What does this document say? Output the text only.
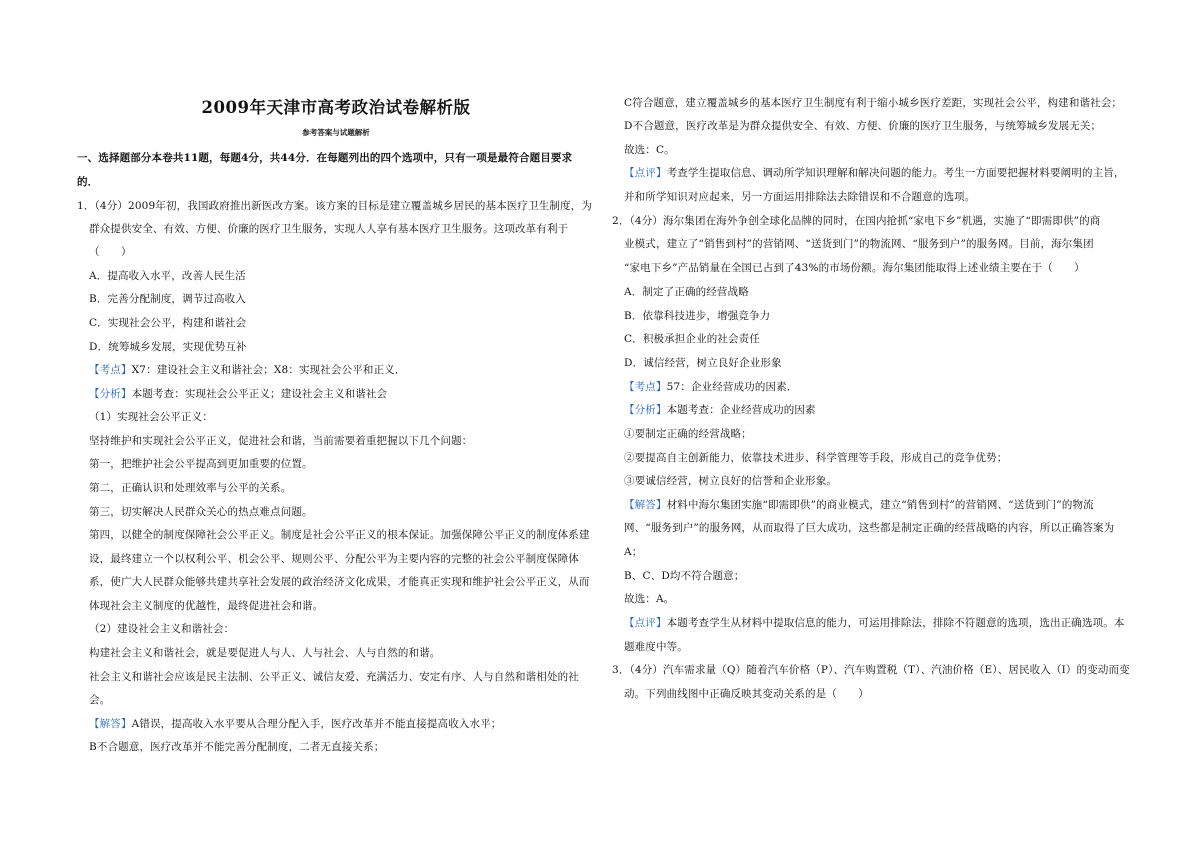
2009年天津市高考政治试卷解析版
参考答案与试题解析
一、选择题部分本卷共11题，每题4分，共44分．在每题列出的四个选项中，只有一项是最符合题目要求
的．
1．（4分）2009年初，我国政府推出新医改方案。该方案的目标是建立覆盖城乡居民的基本医疗卫生制度，为
群众提供安全、有效、方便、价廉的医疗卫生服务，实现人人享有基本医疗卫生服务。这项改革有利于
（　　）
A．提高收入水平，改善人民生活
B．完善分配制度，调节过高收入
C．实现社会公平，构建和谐社会
D．统筹城乡发展，实现优势互补
【考点】X7：建设社会主义和谐社会；X8：实现社会公平和正义．
【分析】本题考查：实现社会公平正义；建设社会主义和谐社会
（1）实现社会公平正义：
坚持维护和实现社会公平正义，促进社会和谐，当前需要着重把握以下几个问题：
第一，把维护社会公平提高到更加重要的位置。
第二，正确认识和处理效率与公平的关系。
第三，切实解决人民群众关心的热点难点问题。
第四，以健全的制度保障社会公平正义。制度是社会公平正义的根本保证。加强保障公平正义的制度体系建
设，最终建立一个以权利公平、机会公平、规则公平、分配公平为主要内容的完整的社会公平制度保障体
系，使广大人民群众能够共建共享社会发展的政治经济文化成果，才能真正实现和维护社会公平正义，从而
体现社会主义制度的优越性，最终促进社会和谐。
（2）建设社会主义和谐社会：
构建社会主义和谐社会，就是要促进人与人、人与社会、人与自然的和谐。
社会主义和谐社会应该是民主法制、公平正义、诚信友爱、充满活力、安定有序、人与自然和谐相处的社
会。
【解答】A错误，提高收入水平要从合理分配入手，医疗改革并不能直接提高收入水平；
B不合题意，医疗改革并不能完善分配制度，二者无直接关系；
C符合题意，建立覆盖城乡的基本医疗卫生制度有利于缩小城乡医疗差距，实现社会公平，构建和谐社会；
D不合题意，医疗改革是为群众提供安全、有效、方便、价廉的医疗卫生服务，与统筹城乡发展无关；
故选：C。
【点评】考查学生提取信息、调动所学知识理解和解决问题的能力。考生一方面要把握材料要阐明的主旨，
并和所学知识对应起来，另一方面运用排除法去除错误和不合题意的选项。
2．（4分）海尔集团在海外争创全球化品牌的同时，在国内抢抓“家电下乡”机遇，实施了“即需即供”的商
业模式，建立了“销售到村”的营销网、“送货到门”的物流网、“服务到户”的服务网。目前，海尔集团
“家电下乡”产品销量在全国已占到了43%的市场份额。海尔集团能取得上述业绩主要在于（　　）
A．制定了正确的经营战略
B．依靠科技进步，增强竞争力
C．积极承担企业的社会责任
D．诚信经营，树立良好企业形象
【考点】57：企业经营成功的因素．
【分析】本题考查：企业经营成功的因素
①要制定正确的经营战略；
②要提高自主创新能力，依靠技术进步、科学管理等手段，形成自己的竞争优势；
③要诚信经营，树立良好的信誉和企业形象。
【解答】材料中海尔集团实施“即需即供”的商业模式，建立“销售到村”的营销网、“送货到门”的物流
网、“服务到户”的服务网，从而取得了巨大成功，这些都是制定正确的经营战略的内容，所以正确答案为
A；
B、C、D均不符合题意；
故选：A。
【点评】本题考查学生从材料中提取信息的能力，可运用排除法，排除不符题意的选项，选出正确选项。本
题难度中等。
3．（4分）汽车需求量（Q）随着汽车价格（P）、汽车购置税（T）、汽油价格（E）、居民收入（I）的变动而变
动。下列曲线图中正确反映其变动关系的是（　　）
